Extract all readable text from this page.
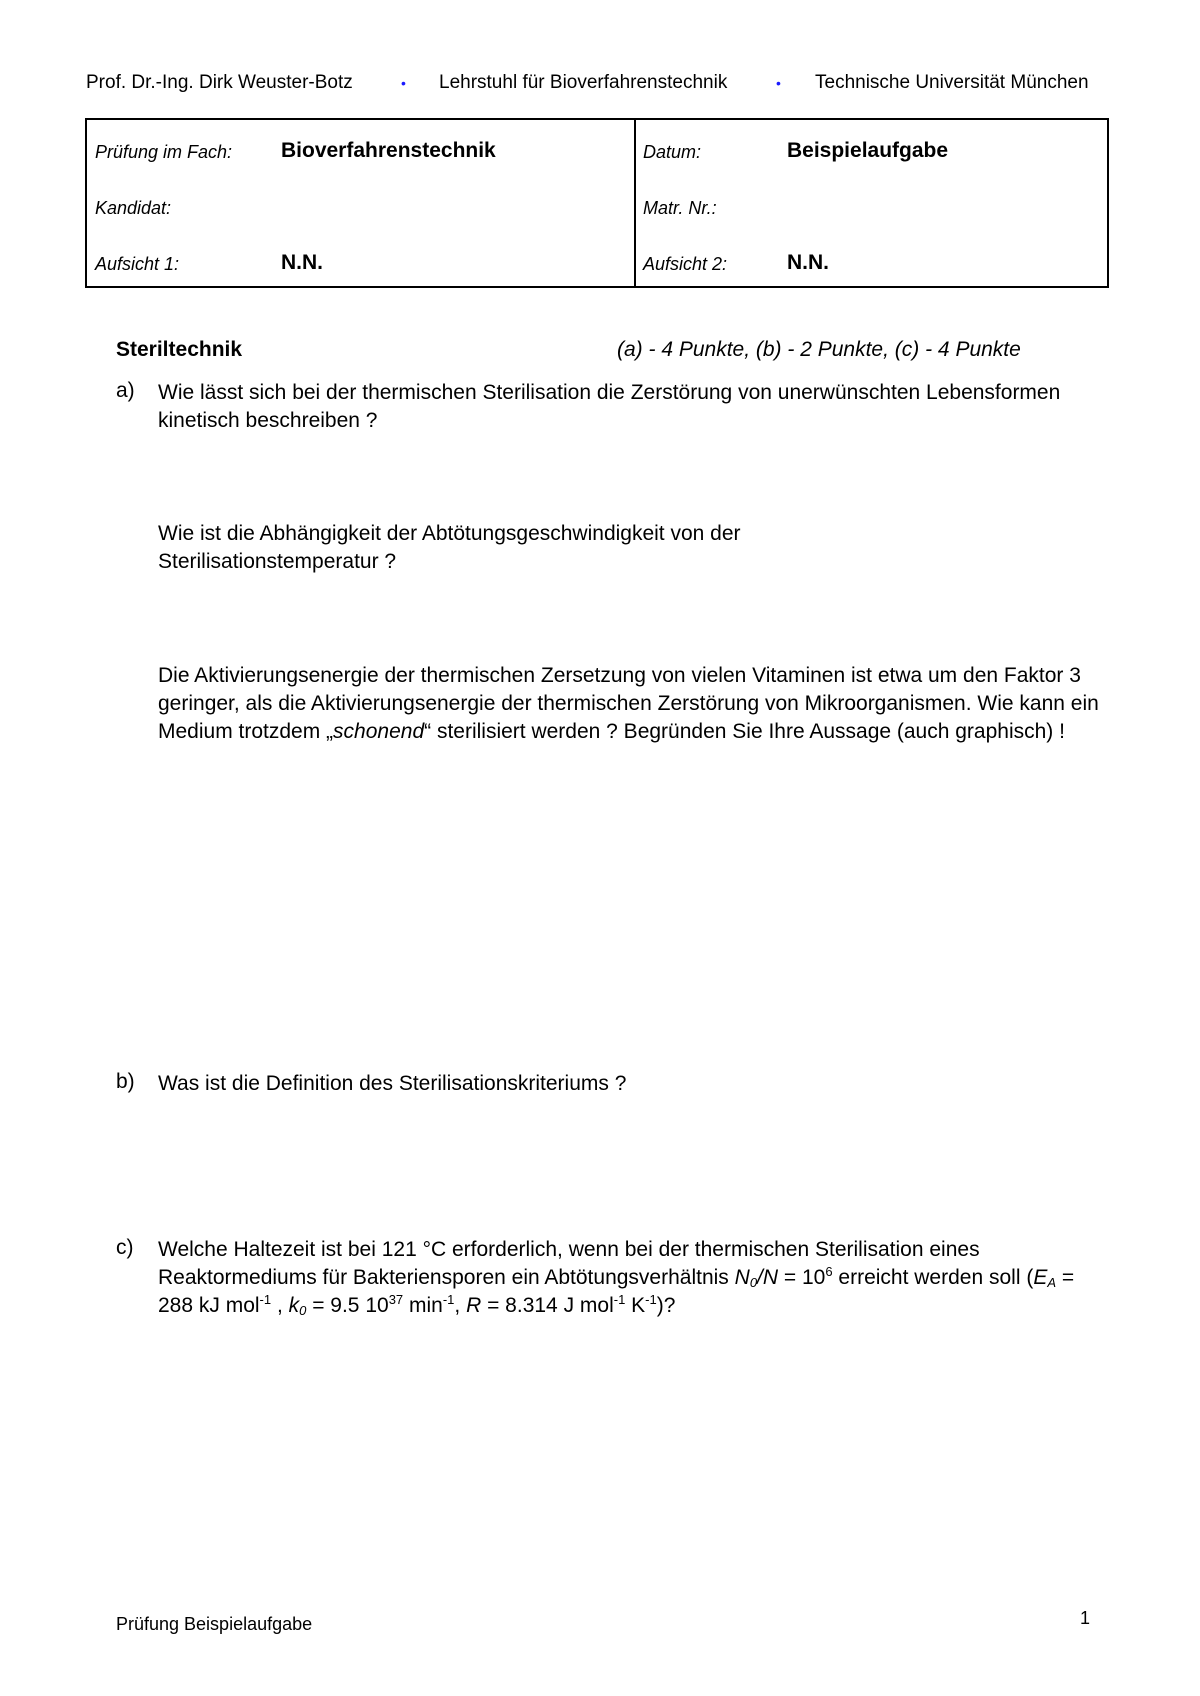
Prof. Dr.-Ing. Dirk Weuster-Botz	• Lehrstuhl für Bioverfahrenstechnik	• Technische Universität München
Prüfung im Fach: Bioverfahrenstechnik	Datum:	Beispielaufgabe
Kandidat:	Matr. Nr.:
Aufsicht 1:	N.N.	Aufsicht 2:	N.N.
Steriltechnik	(a) - 4 Punkte, (b) - 2 Punkte, (c) - 4 Punkte
a) Wie lässt sich bei der thermischen Sterilisation die Zerstörung von unerwünschten Lebensformen kinetisch beschreiben ?
Wie ist die Abhängigkeit der Abtötungsgeschwindigkeit von der Sterilisationstemperatur ?
Die Aktivierungsenergie der thermischen Zersetzung von vielen Vitaminen ist etwa um den Faktor 3 geringer, als die Aktivierungsenergie der thermischen Zerstörung von Mikroorganismen. Wie kann ein Medium trotzdem „schonend“ sterilisiert werden ? Begründen Sie Ihre Aussage (auch graphisch) !
b) Was ist die Definition des Sterilisationskriteriums ?
c) Welche Haltezeit ist bei 121 °C erforderlich, wenn bei der thermischen Sterilisation eines Reaktormediums für Bakteriensporen ein Abtötungsverhältnis $N_0/N = 10^6$ erreicht werden soll ($E_A = 288$ kJ mol$^{-1}$ , $k_0 = 9.5$ $10^{37}$ $\min^{-1}$, R = 8.314 J mol$^{-1}$ $K^{-1}$)?
Prüfung Beispielaufgabe	1
